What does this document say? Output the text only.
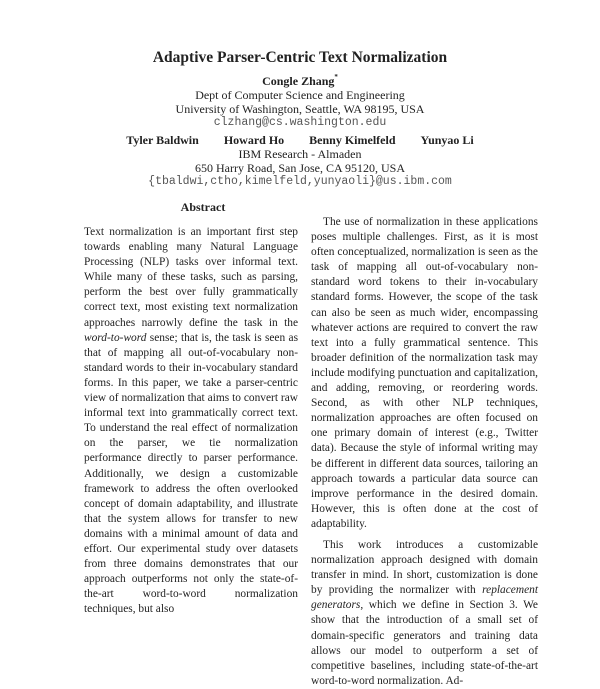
Adaptive Parser-Centric Text Normalization
Congle Zhang*
Dept of Computer Science and Engineering
University of Washington, Seattle, WA 98195, USA
clzhang@cs.washington.edu
Tyler Baldwin Howard Ho Benny Kimelfeld Yunyao Li
IBM Research - Almaden
650 Harry Road, San Jose, CA 95120, USA
{tbaldwi,ctho,kimelfeld,yunyaoli}@us.ibm.com
Abstract

Text normalization is an important first step towards enabling many Natural Language Processing (NLP) tasks over informal text. While many of these tasks, such as parsing, perform the best over fully grammatically correct text, most existing text normalization approaches narrowly define the task in the word-to-word sense; that is, the task is seen as that of mapping all out-of-vocabulary non-standard words to their in-vocabulary standard forms. In this paper, we take a parser-centric view of normalization that aims to convert raw informal text into grammatically correct text. To understand the real effect of normalization on the parser, we tie normalization performance directly to parser performance. Additionally, we design a customizable framework to address the often overlooked concept of domain adaptability, and illustrate that the system allows for transfer to new domains with a minimal amount of data and effort. Our experimental study over datasets from three domains demonstrates that our approach outperforms not only the state-of-the-art word-to-word normalization techniques, but also

The use of normalization in these applications poses multiple challenges. First, as it is most often conceptualized, normalization is seen as the task of mapping all out-of-vocabulary non-standard word tokens to their in-vocabulary standard forms. However, the scope of the task can also be seen as much wider, encompassing whatever actions are required to convert the raw text into a fully grammatical sentence. This broader definition of the normalization task may include modifying punctuation and capitalization, and adding, removing, or reordering words. Second, as with other NLP techniques, normalization approaches are often focused on one primary domain of interest (e.g., Twitter data). Because the style of informal writing may be different in different data sources, tailoring an approach towards a particular data source can improve performance in the desired domain. However, this is often done at the cost of adaptability.

This work introduces a customizable normalization approach designed with domain transfer in mind. In short, customization is done by providing the normalizer with replacement generators, which we define in Section 3. We show that the introduction of a small set of domain-specific generators and training data allows our model to outperform a set of competitive baselines, including state-of-the-art word-to-word normalization. Ad-
